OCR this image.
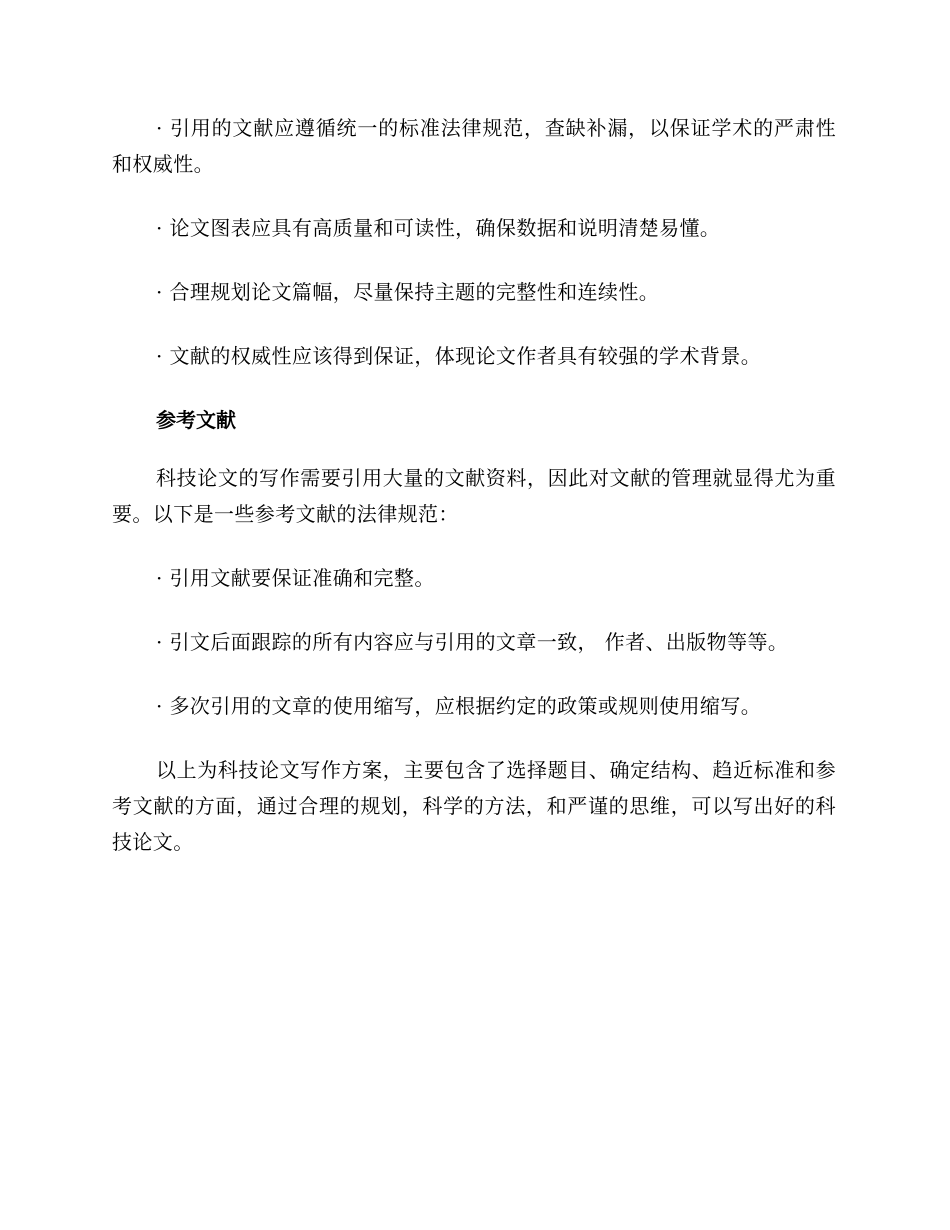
· 引用的文献应遵循统一的标准法律规范，查缺补漏，以保证学术的严肃性和权威性。

· 论文图表应具有高质量和可读性，确保数据和说明清楚易懂。

· 合理规划论文篇幅，尽量保持主题的完整性和连续性。

· 文献的权威性应该得到保证，体现论文作者具有较强的学术背景。

参考文献

科技论文的写作需要引用大量的文献资料，因此对文献的管理就显得尤为重要。以下是一些参考文献的法律规范：

· 引用文献要保证准确和完整。

· 引文后面跟踪的所有内容应与引用的文章一致， 作者、出版物等等。

· 多次引用的文章的使用缩写，应根据约定的政策或规则使用缩写。

以上为科技论文写作方案，主要包含了选择题目、确定结构、趋近标准和参考文献的方面，通过合理的规划，科学的方法，和严谨的思维，可以写出好的科技论文。
